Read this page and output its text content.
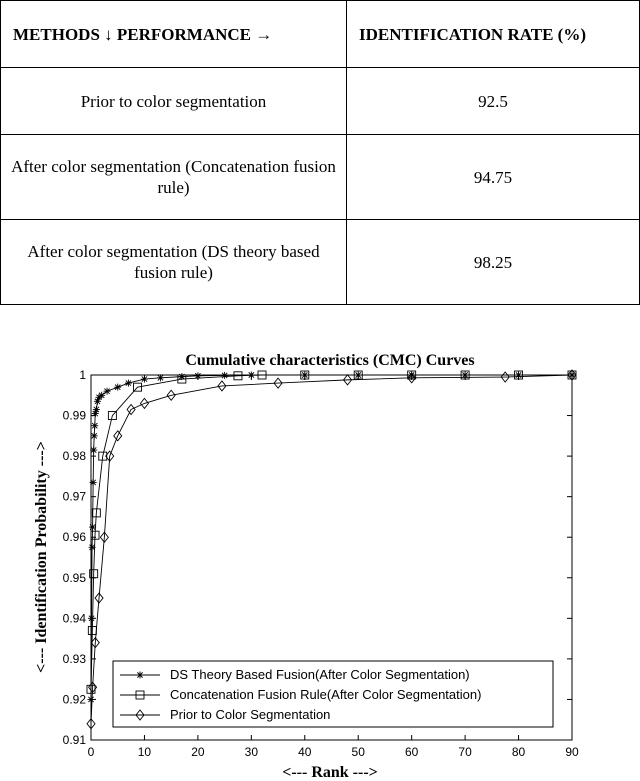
METHODS ↓ PERFORMANCE →	IDENTIFICATION RATE (%)
Prior to color segmentation	92.5
After color segmentation (Concatenation fusion rule)	94.75
After color segmentation (DS theory based fusion rule)	98.25
Cumulative characteristics (CMC) Curves
0	10	20	30	40	50	60	70	80	90
0.91
0.92
0.93
0.94
0.95
0.96
0.97
0.98
0.99
1
<--- Rank --->
<--- Identification Probability --->
DS Theory Based Fusion(After Color Segmentation)
Concatenation Fusion Rule(After Color Segmentation)
Prior to Color Segmentation
